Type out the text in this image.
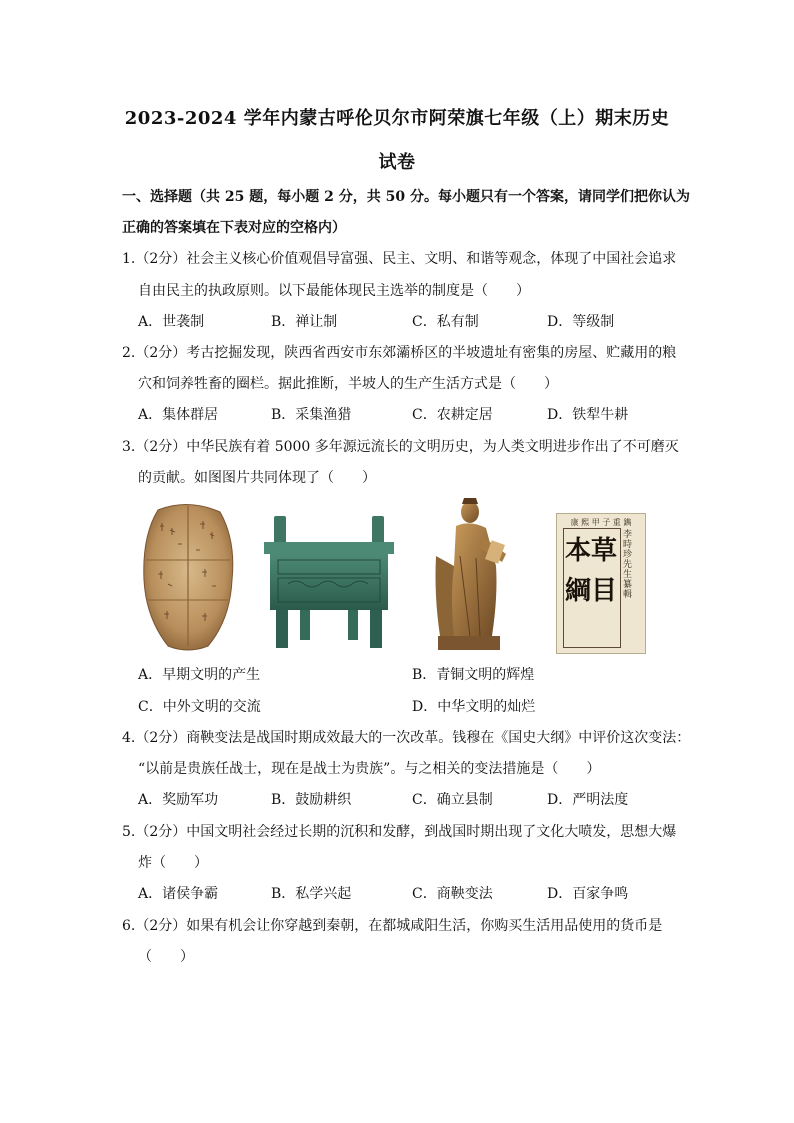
2023-2024 学年内蒙古呼伦贝尔市阿荣旗七年级（上）期末历史
试卷
一、选择题（共 25 题，每小题 2 分，共 50 分。每小题只有一个答案，请同学们把你认为
正确的答案填在下表对应的空格内）
1.（2分）社会主义核心价值观倡导富强、民主、文明、和谐等观念，体现了中国社会追求
自由民主的执政原则。以下最能体现民主选举的制度是（　　）
A．世袭制	B．禅让制	C．私有制	D．等级制
2.（2分）考古挖掘发现，陕西省西安市东郊灞桥区的半坡遗址有密集的房屋、贮藏用的粮
穴和饲养牲畜的圈栏。据此推断，半坡人的生产生活方式是（　　）
A．集体群居	B．采集渔猎	C．农耕定居	D．铁犁牛耕
3.（2分）中华民族有着 5000 多年源远流长的文明历史，为人类文明进步作出了不可磨灭
的贡献。如图图片共同体现了（　　）
康 熙 甲 子 重 鐫
本 草
綱 目
李時珍先生纂輯
A．早期文明的产生	B．青铜文明的辉煌
C．中外文明的交流	D．中华文明的灿烂
4.（2分）商鞅变法是战国时期成效最大的一次改革。钱穆在《国史大纲》中评价这次变法：
“以前是贵族任战士，现在是战士为贵族”。与之相关的变法措施是（　　）
A．奖励军功	B．鼓励耕织	C．确立县制	D．严明法度
5.（2分）中国文明社会经过长期的沉积和发酵，到战国时期出现了文化大喷发，思想大爆
炸（　　）
A．诸侯争霸	B．私学兴起	C．商鞅变法	D．百家争鸣
6.（2分）如果有机会让你穿越到秦朝，在都城咸阳生活，你购买生活用品使用的货币是
（　　）
